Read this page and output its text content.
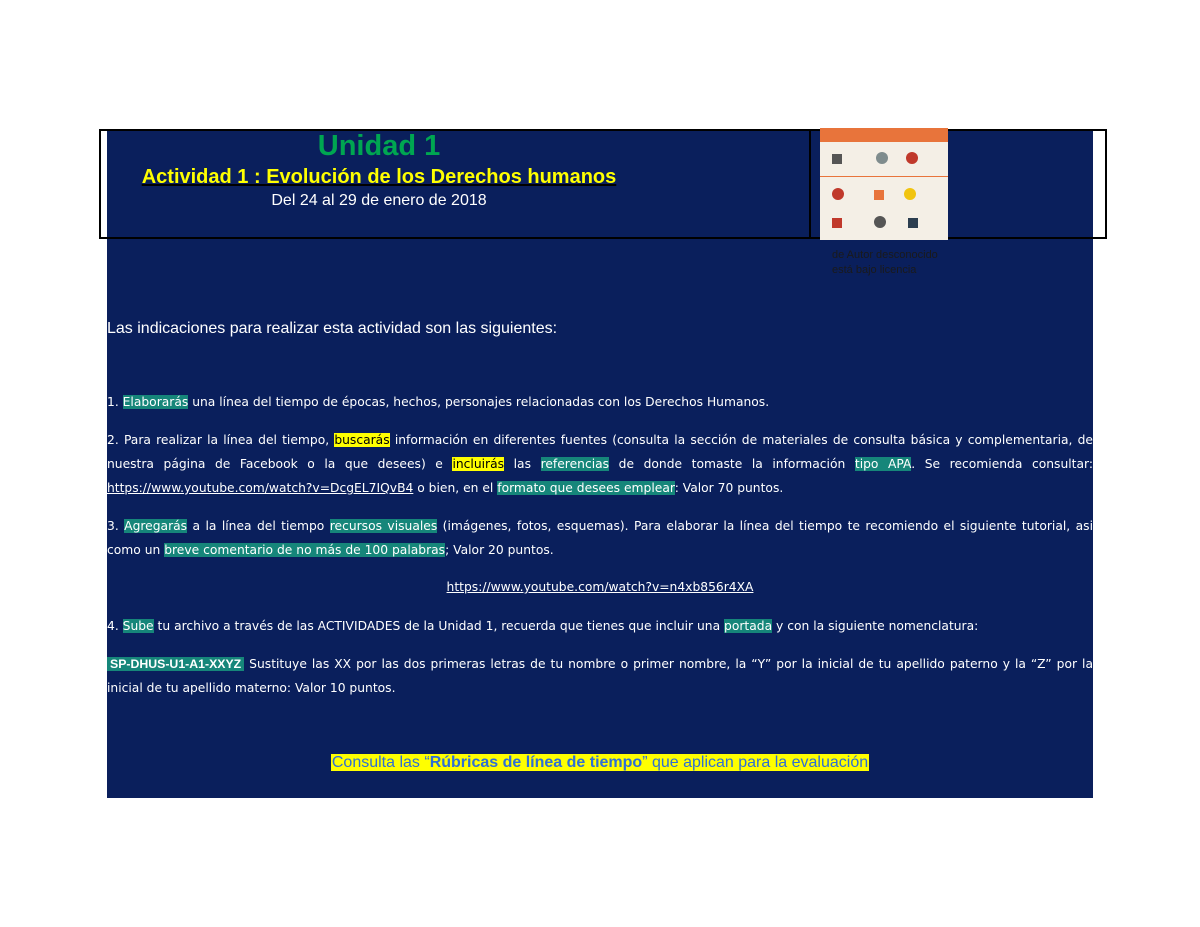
Unidad 1
Actividad 1 : Evolución de los Derechos humanos
Del 24 al 29 de enero de 2018
de Autor desconocido está bajo licencia
Las indicaciones para realizar esta actividad son las siguientes:
1. Elaborarás una línea del tiempo de épocas, hechos, personajes relacionadas con los Derechos Humanos.
2. Para realizar la línea del tiempo, buscarás información en diferentes fuentes (consulta la sección de materiales de consulta básica y complementaria, de nuestra página de Facebook o la que desees) e incluirás las referencias de donde tomaste la información tipo APA. Se recomienda consultar: https://www.youtube.com/watch?v=DcgEL7IQvB4 o bien, en el formato que desees emplear: Valor 70 puntos.
3. Agregarás a la línea del tiempo recursos visuales (imágenes, fotos, esquemas). Para elaborar la línea del tiempo te recomiendo el siguiente tutorial, asi como un breve comentario de no más de 100 palabras; Valor 20 puntos.
https://www.youtube.com/watch?v=n4xb856r4XA
4. Sube tu archivo a través de las ACTIVIDADES de la Unidad 1, recuerda que tienes que incluir una portada y con la siguiente nomenclatura:
SP-DHUS-U1-A1-XXYZ Sustituye las XX por las dos primeras letras de tu nombre o primer nombre, la “Y” por la inicial de tu apellido paterno y la “Z” por la inicial de tu apellido materno: Valor 10 puntos.
Consulta las “Rúbricas de línea de tiempo” que aplican para la evaluación
